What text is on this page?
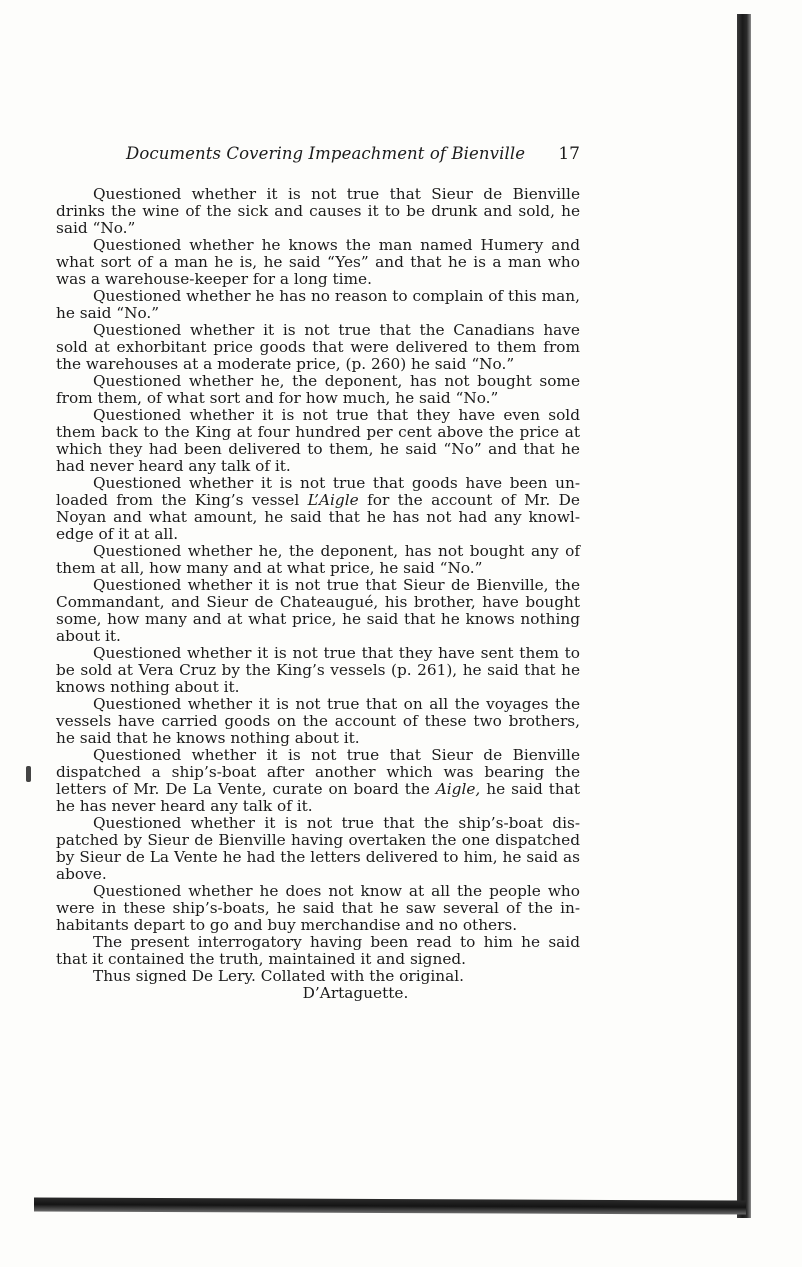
Documents Covering Impeachment of Bienville 17

Questioned whether it is not true that Sieur de Bienville drinks the wine of the sick and causes it to be drunk and sold, he said “No.”

Questioned whether he knows the man named Humery and what sort of a man he is, he said “Yes” and that he is a man who was a warehouse-keeper for a long time.

Questioned whether he has no reason to complain of this man, he said “No.”

Questioned whether it is not true that the Canadians have sold at exhorbitant price goods that were delivered to them from the warehouses at a moderate price, (p. 260) he said “No.”

Questioned whether he, the deponent, has not bought some from them, of what sort and for how much, he said “No.”

Questioned whether it is not true that they have even sold them back to the King at four hundred per cent above the price at which they had been delivered to them, he said “No” and that he had never heard any talk of it.

Questioned whether it is not true that goods have been unloaded from the King’s vessel L’Aigle for the account of Mr. De Noyan and what amount, he said that he has not had any knowledge of it at all.

Questioned whether he, the deponent, has not bought any of them at all, how many and at what price, he said “No.”

Questioned whether it is not true that Sieur de Bienville, the Commandant, and Sieur de Chateaugué, his brother, have bought some, how many and at what price, he said that he knows nothing about it.

Questioned whether it is not true that they have sent them to be sold at Vera Cruz by the King’s vessels (p. 261), he said that he knows nothing about it.

Questioned whether it is not true that on all the voyages the vessels have carried goods on the account of these two brothers, he said that he knows nothing about it.

Questioned whether it is not true that Sieur de Bienville dispatched a ship’s-boat after another which was bearing the letters of Mr. De La Vente, curate on board the Aigle, he said that he has never heard any talk of it.

Questioned whether it is not true that the ship’s-boat dispatched by Sieur de Bienville having overtaken the one dispatched by Sieur de La Vente he had the letters delivered to him, he said as above.

Questioned whether he does not know at all the people who were in these ship’s-boats, he said that he saw several of the inhabitants depart to go and buy merchandise and no others.

The present interrogatory having been read to him he said that it contained the truth, maintained it and signed.

Thus signed De Lery. Collated with the original.

D’Artaguette.
